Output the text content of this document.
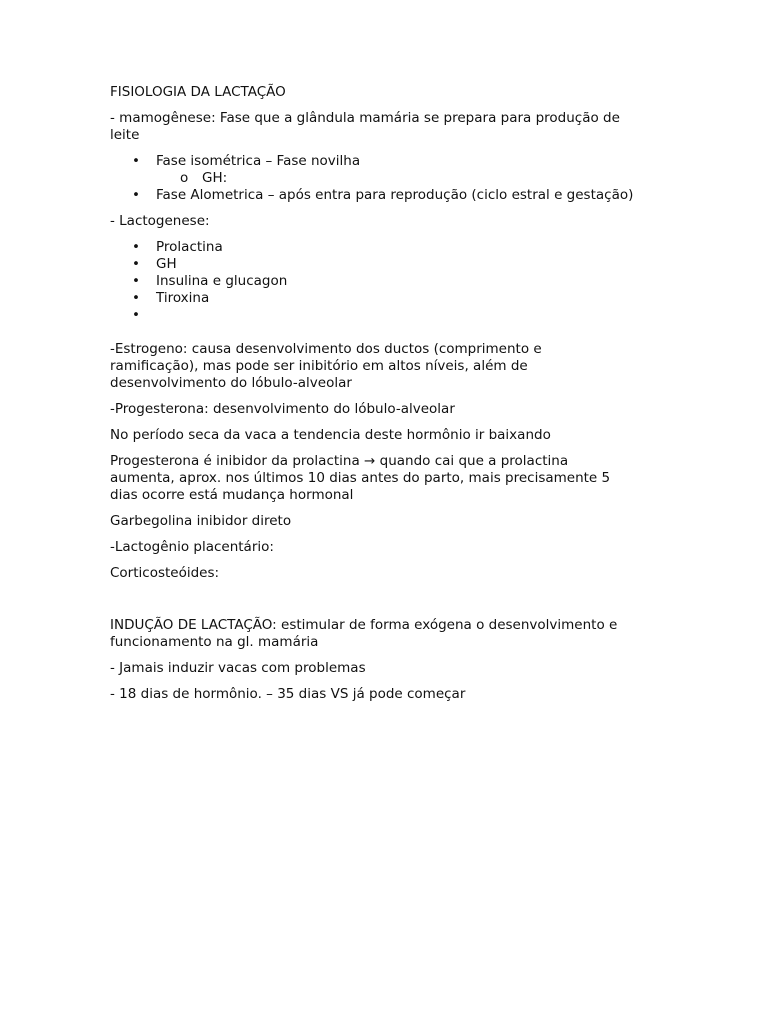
FISIOLOGIA DA LACTAÇÃO
- mamogênese: Fase que a glândula mamária se prepara para produção de
leite
• Fase isométrica – Fase novilha
o GH:
• Fase Alometrica – após entra para reprodução (ciclo estral e gestação)
- Lactogenese:
• Prolactina
• GH
• Insulina e glucagon
• Tiroxina
•
-Estrogeno: causa desenvolvimento dos ductos (comprimento e
ramificação), mas pode ser inibitório em altos níveis, além de
desenvolvimento do lóbulo-alveolar
-Progesterona: desenvolvimento do lóbulo-alveolar
No período seca da vaca a tendencia deste hormônio ir baixando
Progesterona é inibidor da prolactina → quando cai que a prolactina
aumenta, aprox. nos últimos 10 dias antes do parto, mais precisamente 5
dias ocorre está mudança hormonal
Garbegolina inibidor direto
-Lactogênio placentário:
Corticosteóides:
INDUÇÃO DE LACTAÇÃO: estimular de forma exógena o desenvolvimento e
funcionamento na gl. mamária
- Jamais induzir vacas com problemas
- 18 dias de hormônio. – 35 dias VS já pode começar
